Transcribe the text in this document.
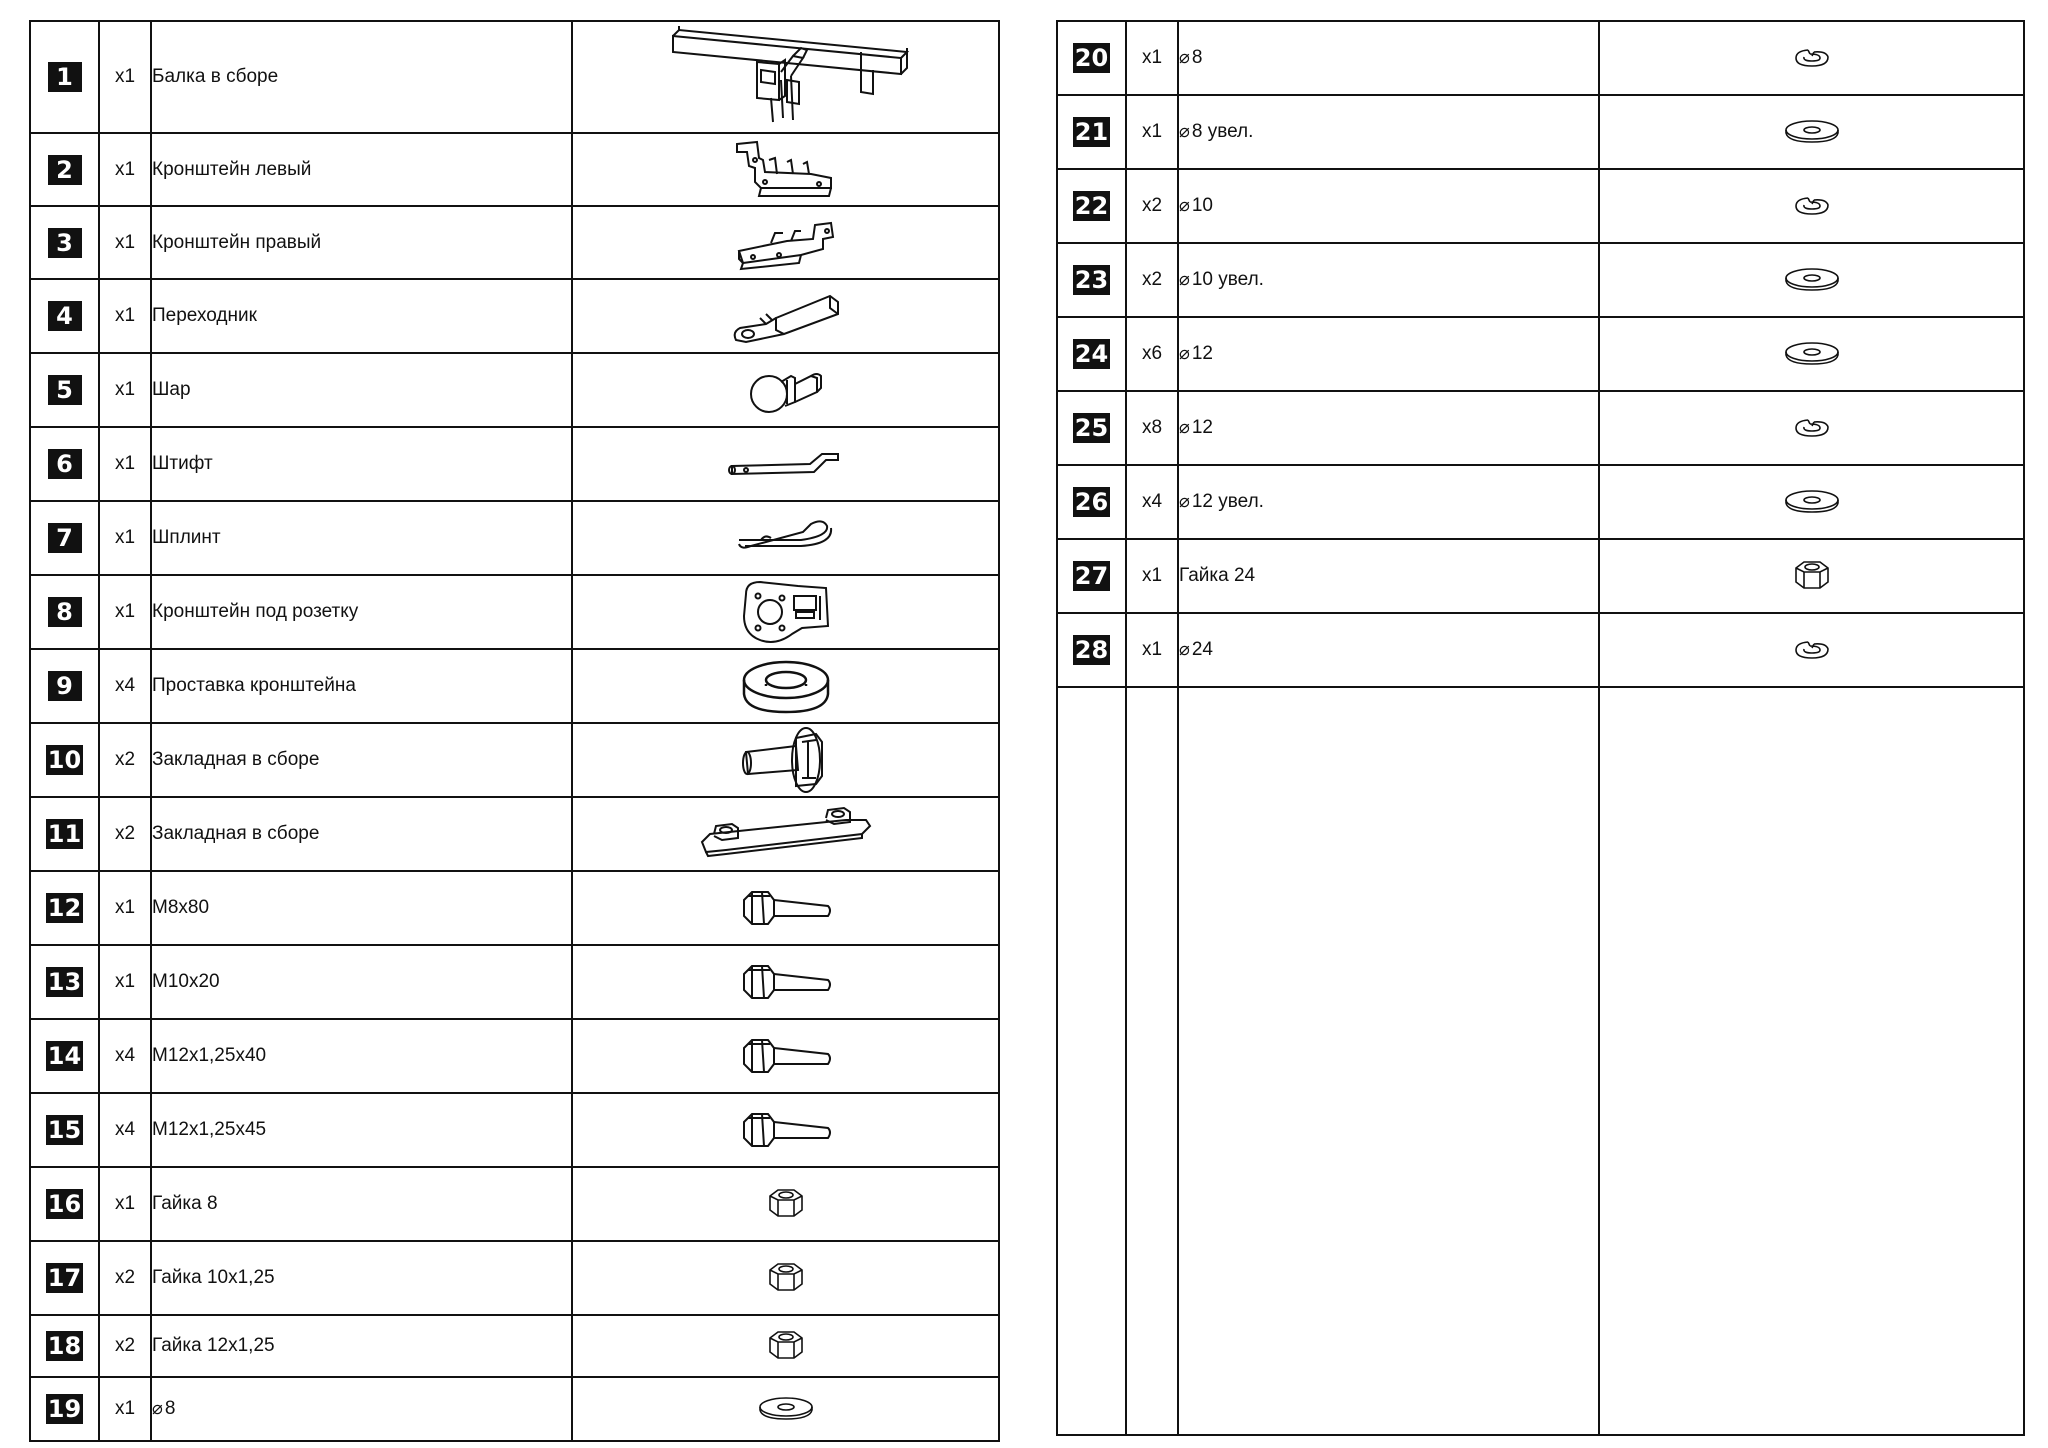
1	x1	Балка в сборе	
2	x1	Кронштейн левый	
3	x1	Кронштейн правый	
4	x1	Переходник	
5	x1	Шар	
6	x1	Штифт	
7	x1	Шплинт	
8	x1	Кронштейн под розетку	
9	x4	Проставка кронштейна	
10	x2	Закладная в сборе	
11	x2	Закладная в сборе	
12	x1	M8x80	
13	x1	M10x20	
14	x4	M12x1,25x40	
15	x4	M12x1,25x45	
16	x1	Гайка 8	
17	x2	Гайка 10x1,25	
18	x2	Гайка 12x1,25	
19	x1	⌀ 8	
20	x1	⌀ 8	
21	x1	⌀ 8 увел.	
22	x2	⌀ 10	
23	x2	⌀ 10 увел.	
24	x6	⌀ 12	
25	x8	⌀ 12	
26	x4	⌀ 12 увел.	
27	x1	Гайка 24	
28	x1	⌀ 24	
